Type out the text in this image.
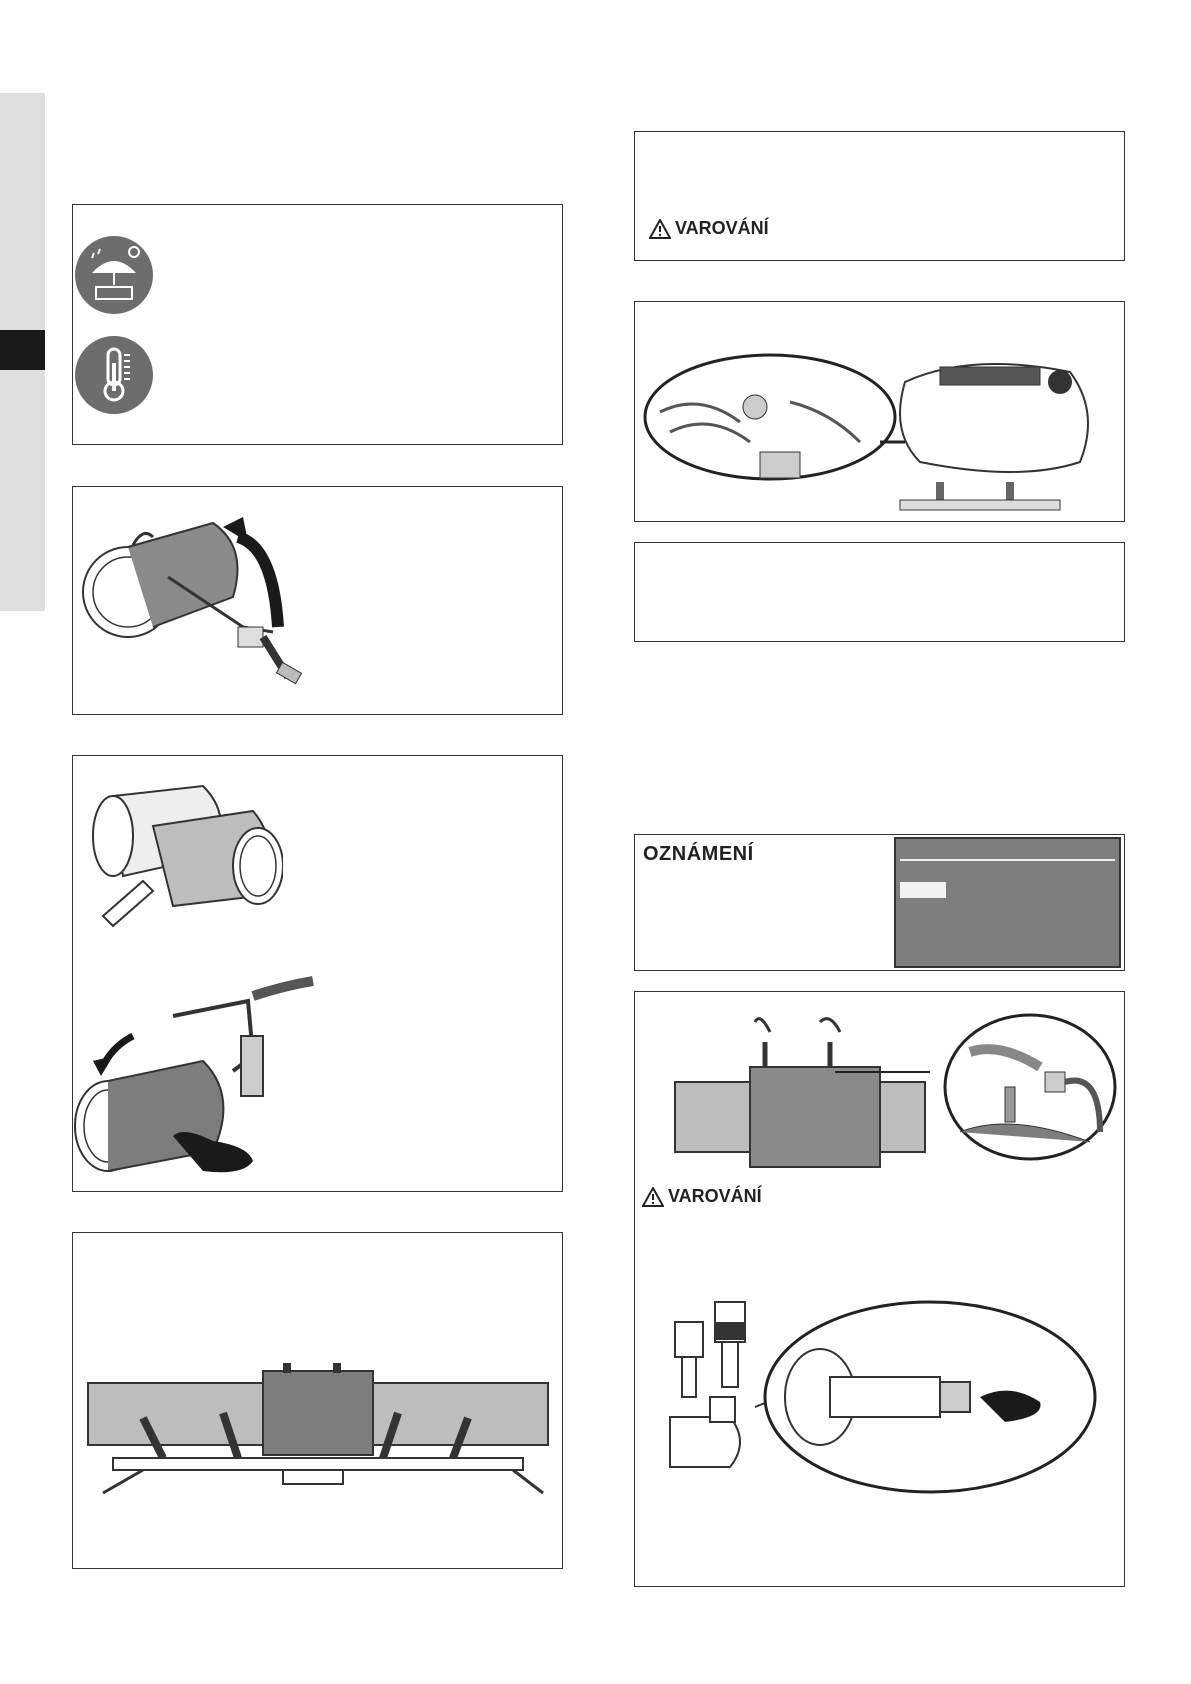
VAROVÁNÍ
OZNÁMENÍ
VAROVÁNÍ
